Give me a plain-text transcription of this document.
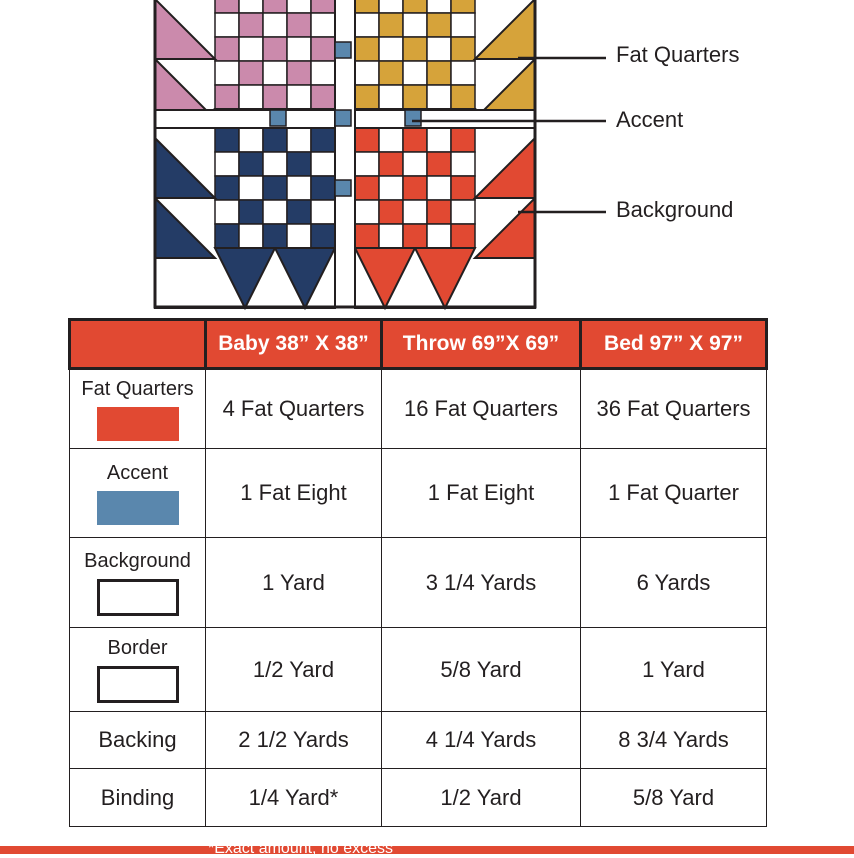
Fat Quarters
Accent
Background
	Baby 38” X 38”	Throw 69”X 69”	Bed 97” X 97”

Fat Quarters	4 Fat Quarters	16 Fat Quarters	36 Fat Quarters

Accent	1 Fat Eight	1 Fat Eight	1 Fat Quarter

Background	1 Yard	3 1/4 Yards	6 Yards

Border	1/2 Yard	5/8 Yard	1 Yard

Backing	2 1/2 Yards	4 1/4 Yards	8 3/4 Yards

Binding	1/4 Yard*	1/2 Yard	5/8 Yard
*Exact amount, no excess
